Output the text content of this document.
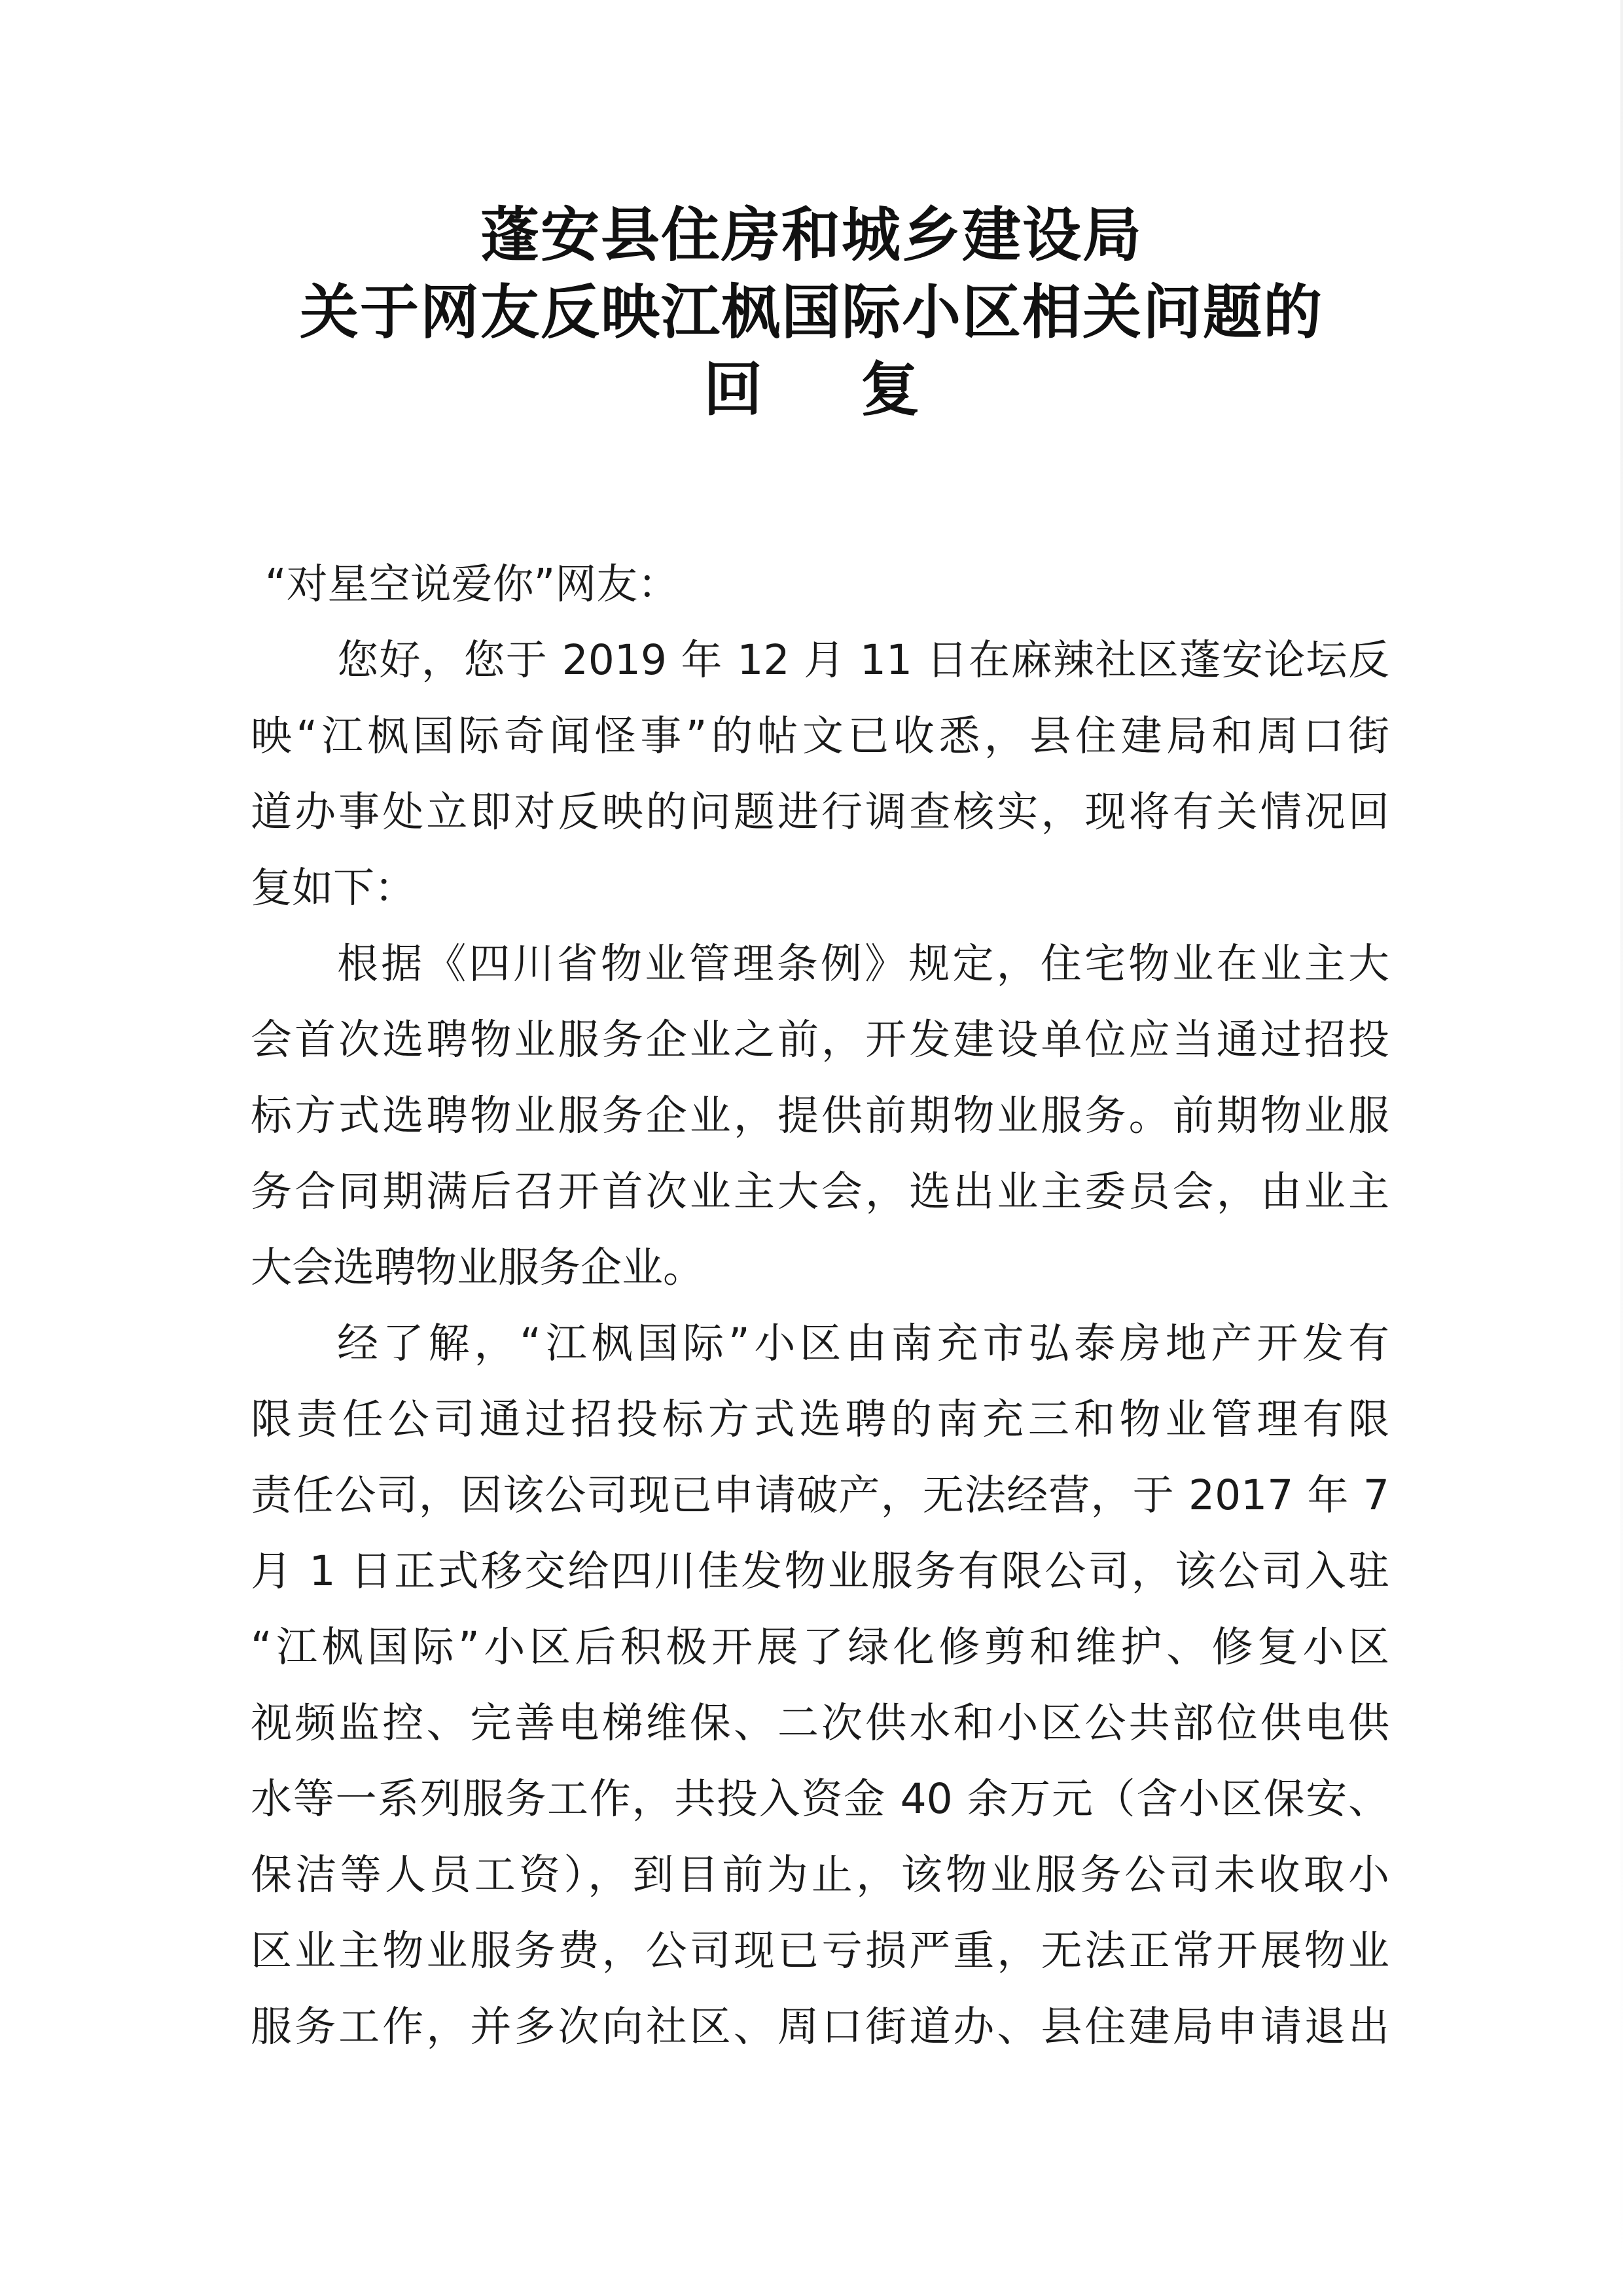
蓬安县住房和城乡建设局
关于网友反映江枫国际小区相关问题的
回复
“对星空说爱你”网友：
您好，您于 2019 年 12 月 11 日在麻辣社区蓬安论坛反
映“江枫国际奇闻怪事”的帖文已收悉，县住建局和周口街
道办事处立即对反映的问题进行调查核实，现将有关情况回
复如下：
根据《四川省物业管理条例》规定，住宅物业在业主大
会首次选聘物业服务企业之前，开发建设单位应当通过招投
标方式选聘物业服务企业，提供前期物业服务。前期物业服
务合同期满后召开首次业主大会，选出业主委员会，由业主
大会选聘物业服务企业。
经了解，“江枫国际”小区由南充市弘泰房地产开发有
限责任公司通过招投标方式选聘的南充三和物业管理有限
责任公司，因该公司现已申请破产，无法经营，于 2017 年 7
月 1 日正式移交给四川佳发物业服务有限公司，该公司入驻
“江枫国际”小区后积极开展了绿化修剪和维护、修复小区
视频监控、完善电梯维保、二次供水和小区公共部位供电供
水等一系列服务工作，共投入资金 40 余万元（含小区保安、
保洁等人员工资），到目前为止，该物业服务公司未收取小
区业主物业服务费，公司现已亏损严重，无法正常开展物业
服务工作，并多次向社区、周口街道办、县住建局申请退出
